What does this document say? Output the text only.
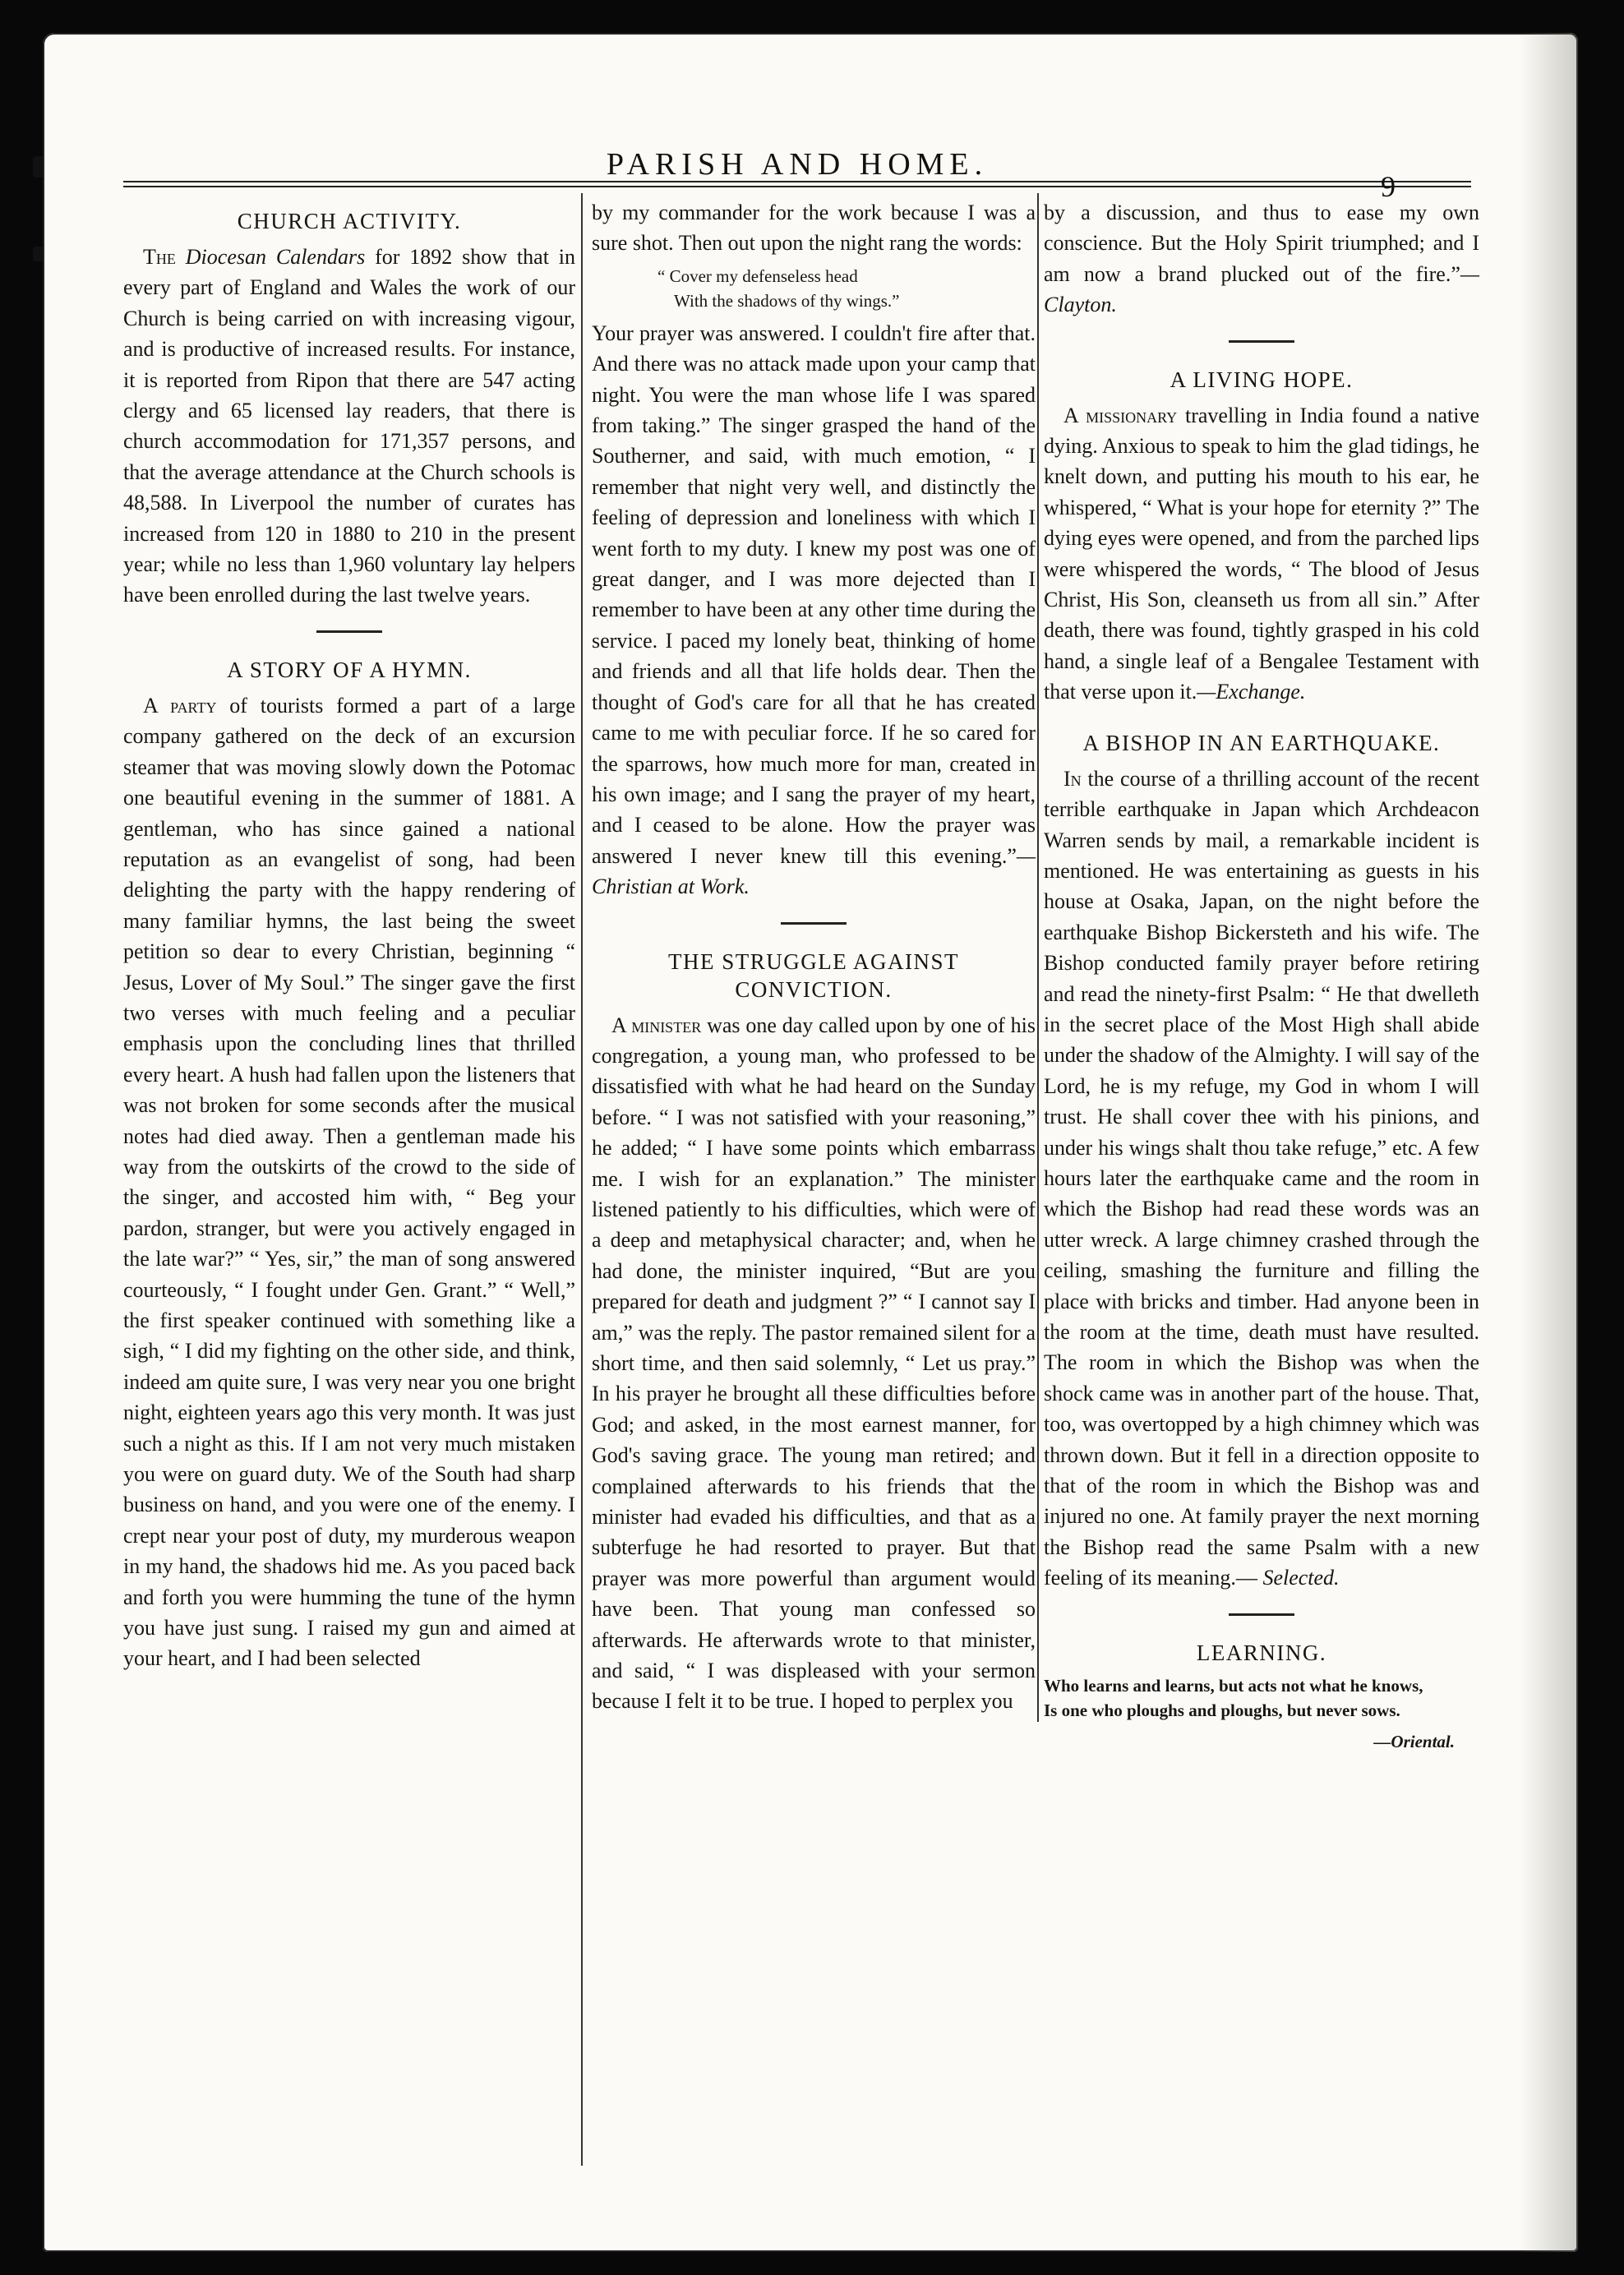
PARISH AND HOME.
9
CHURCH ACTIVITY.

The Diocesan Calendars for 1892 show that in every part of England and Wales the work of our Church is being carried on with increasing vigour, and is productive of increased results. For instance, it is reported from Ripon that there are 547 acting clergy and 65 licensed lay readers, that there is church accommodation for 171,357 persons, and that the average attendance at the Church schools is 48,588. In Liverpool the number of curates has increased from 120 in 1880 to 210 in the present year; while no less than 1,960 voluntary lay helpers have been enrolled during the last twelve years.

A STORY OF A HYMN.

A party of tourists formed a part of a large company gathered on the deck of an excursion steamer that was moving slowly down the Potomac one beautiful evening in the summer of 1881. A gentleman, who has since gained a national reputation as an evangelist of song, had been delighting the party with the happy rendering of many familiar hymns, the last being the sweet petition so dear to every Christian, beginning “ Jesus, Lover of My Soul.” The singer gave the first two verses with much feeling and a peculiar emphasis upon the concluding lines that thrilled every heart. A hush had fallen upon the listeners that was not broken for some seconds after the musical notes had died away. Then a gentleman made his way from the outskirts of the crowd to the side of the singer, and accosted him with, “ Beg your pardon, stranger, but were you actively engaged in the late war?” “ Yes, sir,” the man of song answered courteously, “ I fought under Gen. Grant.” “ Well,” the first speaker continued with something like a sigh, “ I did my fighting on the other side, and think, indeed am quite sure, I was very near you one bright night, eighteen years ago this very month. It was just such a night as this. If I am not very much mistaken you were on guard duty. We of the South had sharp business on hand, and you were one of the enemy. I crept near your post of duty, my murderous weapon in my hand, the shadows hid me. As you paced back and forth you were humming the tune of the hymn you have just sung. I raised my gun and aimed at your heart, and I had been selected

by my commander for the work because I was a sure shot. Then out upon the night rang the words:

“ Cover my defenseless head
With the shadows of thy wings.”

Your prayer was answered. I couldn't fire after that. And there was no attack made upon your camp that night. You were the man whose life I was spared from taking.” The singer grasped the hand of the Southerner, and said, with much emotion, “ I remember that night very well, and distinctly the feeling of depression and loneliness with which I went forth to my duty. I knew my post was one of great danger, and I was more dejected than I remember to have been at any other time during the service. I paced my lonely beat, thinking of home and friends and all that life holds dear. Then the thought of God's care for all that he has created came to me with peculiar force. If he so cared for the sparrows, how much more for man, created in his own image; and I sang the prayer of my heart, and I ceased to be alone. How the prayer was answered I never knew till this evening.”—Christian at Work.

THE STRUGGLE AGAINST CONVICTION.

A minister was one day called upon by one of his congregation, a young man, who professed to be dissatisfied with what he had heard on the Sunday before. “ I was not satisfied with your reasoning,” he added; “ I have some points which embarrass me. I wish for an explanation.” The minister listened patiently to his difficulties, which were of a deep and metaphysical character; and, when he had done, the minister inquired, “But are you prepared for death and judgment ?” “ I cannot say I am,” was the reply. The pastor remained silent for a short time, and then said solemnly, “ Let us pray.” In his prayer he brought all these difficulties before God; and asked, in the most earnest manner, for God's saving grace. The young man retired; and complained afterwards to his friends that the minister had evaded his difficulties, and that as a subterfuge he had resorted to prayer. But that prayer was more powerful than argument would have been. That young man confessed so afterwards. He afterwards wrote to that minister, and said, “ I was displeased with your sermon because I felt it to be true. I hoped to perplex you

by a discussion, and thus to ease my own conscience. But the Holy Spirit triumphed; and I am now a brand plucked out of the fire.”—Clayton.

A LIVING HOPE.

A missionary travelling in India found a native dying. Anxious to speak to him the glad tidings, he knelt down, and putting his mouth to his ear, he whispered, “ What is your hope for eternity ?” The dying eyes were opened, and from the parched lips were whispered the words, “ The blood of Jesus Christ, His Son, cleanseth us from all sin.” After death, there was found, tightly grasped in his cold hand, a single leaf of a Bengalee Testament with that verse upon it.—Exchange.

A BISHOP IN AN EARTHQUAKE.

In the course of a thrilling account of the recent terrible earthquake in Japan which Archdeacon Warren sends by mail, a remarkable incident is mentioned. He was entertaining as guests in his house at Osaka, Japan, on the night before the earthquake Bishop Bickersteth and his wife. The Bishop conducted family prayer before retiring and read the ninety-first Psalm: “ He that dwelleth in the secret place of the Most High shall abide under the shadow of the Almighty. I will say of the Lord, he is my refuge, my God in whom I will trust. He shall cover thee with his pinions, and under his wings shalt thou take refuge,” etc. A few hours later the earthquake came and the room in which the Bishop had read these words was an utter wreck. A large chimney crashed through the ceiling, smashing the furniture and filling the place with bricks and timber. Had anyone been in the room at the time, death must have resulted. The room in which the Bishop was when the shock came was in another part of the house. That, too, was overtopped by a high chimney which was thrown down. But it fell in a direction opposite to that of the room in which the Bishop was and injured no one. At family prayer the next morning the Bishop read the same Psalm with a new feeling of its meaning.— Selected.

LEARNING.
Who learns and learns, but acts not what he knows,
Is one who ploughs and ploughs, but never sows.
—Oriental.
